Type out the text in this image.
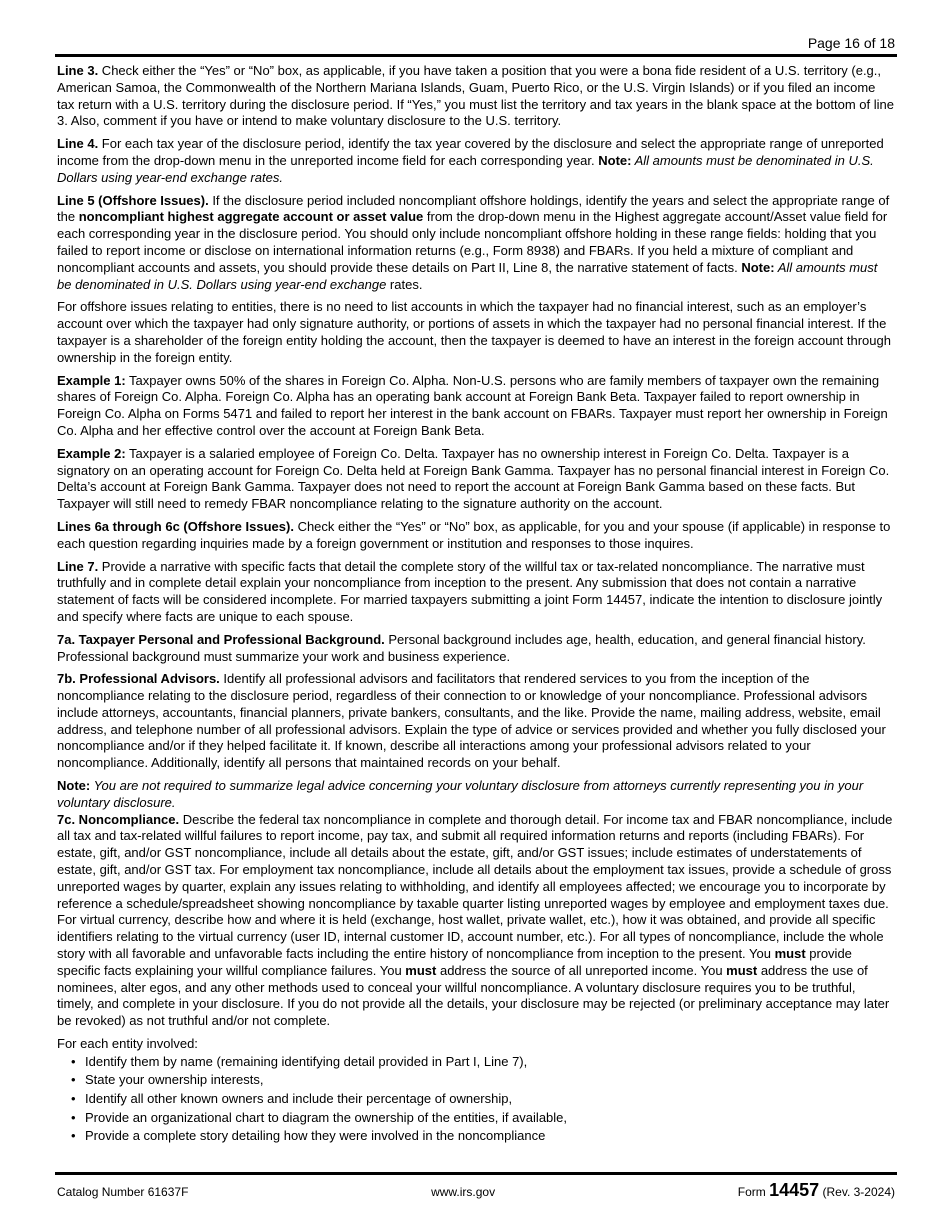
Page 16 of 18

Line 3. Check either the “Yes” or “No” box, as applicable, if you have taken a position that you were a bona fide resident of a U.S. territory (e.g., American Samoa, the Commonwealth of the Northern Mariana Islands, Guam, Puerto Rico, or the U.S. Virgin Islands) or if you filed an income tax return with a U.S. territory during the disclosure period. If “Yes,” you must list the territory and tax years in the blank space at the bottom of line 3. Also, comment if you have or intend to make voluntary disclosure to the U.S. territory.

Line 4. For each tax year of the disclosure period, identify the tax year covered by the disclosure and select the appropriate range of unreported income from the drop-down menu in the unreported income field for each corresponding year. Note: All amounts must be denominated in U.S. Dollars using year-end exchange rates.

Line 5 (Offshore Issues). If the disclosure period included noncompliant offshore holdings, identify the years and select the appropriate range of the noncompliant highest aggregate account or asset value from the drop-down menu in the Highest aggregate account/Asset value field for each corresponding year in the disclosure period. You should only include noncompliant offshore holding in these range fields: holding that you failed to report income or disclose on international information returns (e.g., Form 8938) and FBARs. If you held a mixture of compliant and noncompliant accounts and assets, you should provide these details on Part II, Line 8, the narrative statement of facts. Note: All amounts must be denominated in U.S. Dollars using year-end exchange rates.

For offshore issues relating to entities, there is no need to list accounts in which the taxpayer had no financial interest, such as an employer’s account over which the taxpayer had only signature authority, or portions of assets in which the taxpayer had no personal financial interest. If the taxpayer is a shareholder of the foreign entity holding the account, then the taxpayer is deemed to have an interest in the foreign account through ownership in the foreign entity.

Example 1: Taxpayer owns 50% of the shares in Foreign Co. Alpha. Non-U.S. persons who are family members of taxpayer own the remaining shares of Foreign Co. Alpha. Foreign Co. Alpha has an operating bank account at Foreign Bank Beta. Taxpayer failed to report ownership in Foreign Co. Alpha on Forms 5471 and failed to report her interest in the bank account on FBARs. Taxpayer must report her ownership in Foreign Co. Alpha and her effective control over the account at Foreign Bank Beta.

Example 2: Taxpayer is a salaried employee of Foreign Co. Delta. Taxpayer has no ownership interest in Foreign Co. Delta. Taxpayer is a signatory on an operating account for Foreign Co. Delta held at Foreign Bank Gamma. Taxpayer has no personal financial interest in Foreign Co. Delta’s account at Foreign Bank Gamma. Taxpayer does not need to report the account at Foreign Bank Gamma based on these facts. But Taxpayer will still need to remedy FBAR noncompliance relating to the signature authority on the account.

Lines 6a through 6c (Offshore Issues). Check either the “Yes” or “No” box, as applicable, for you and your spouse (if applicable) in response to each question regarding inquiries made by a foreign government or institution and responses to those inquires.

Line 7. Provide a narrative with specific facts that detail the complete story of the willful tax or tax-related noncompliance. The narrative must truthfully and in complete detail explain your noncompliance from inception to the present. Any submission that does not contain a narrative statement of facts will be considered incomplete. For married taxpayers submitting a joint Form 14457, indicate the intention to disclosure jointly and specify where facts are unique to each spouse.

7a. Taxpayer Personal and Professional Background. Personal background includes age, health, education, and general financial history. Professional background must summarize your work and business experience.

7b. Professional Advisors. Identify all professional advisors and facilitators that rendered services to you from the inception of the noncompliance relating to the disclosure period, regardless of their connection to or knowledge of your noncompliance. Professional advisors include attorneys, accountants, financial planners, private bankers, consultants, and the like. Provide the name, mailing address, website, email address, and telephone number of all professional advisors. Explain the type of advice or services provided and whether you fully disclosed your noncompliance and/or if they helped facilitate it. If known, describe all interactions among your professional advisors related to your noncompliance. Additionally, identify all persons that maintained records on your behalf.

Note: You are not required to summarize legal advice concerning your voluntary disclosure from attorneys currently representing you in your voluntary disclosure.

7c. Noncompliance. Describe the federal tax noncompliance in complete and thorough detail. For income tax and FBAR noncompliance, include all tax and tax-related willful failures to report income, pay tax, and submit all required information returns and reports (including FBARs). For estate, gift, and/or GST noncompliance, include all details about the estate, gift, and/or GST issues; include estimates of understatements of estate, gift, and/or GST tax. For employment tax noncompliance, include all details about the employment tax issues, provide a schedule of gross unreported wages by quarter, explain any issues relating to withholding, and identify all employees affected; we encourage you to incorporate by reference a schedule/spreadsheet showing noncompliance by taxable quarter listing unreported wages by employee and employment taxes due. For virtual currency, describe how and where it is held (exchange, host wallet, private wallet, etc.), how it was obtained, and provide all specific identifiers relating to the virtual currency (user ID, internal customer ID, account number, etc.). For all types of noncompliance, include the whole story with all favorable and unfavorable facts including the entire history of noncompliance from inception to the present. You must provide specific facts explaining your willful compliance failures. You must address the source of all unreported income. You must address the use of nominees, alter egos, and any other methods used to conceal your willful noncompliance. A voluntary disclosure requires you to be truthful, timely, and complete in your disclosure. If you do not provide all the details, your disclosure may be rejected (or preliminary acceptance may later be revoked) as not truthful and/or not complete.

For each entity involved:

• Identify them by name (remaining identifying detail provided in Part I, Line 7),
• State your ownership interests,
• Identify all other known owners and include their percentage of ownership,
• Provide an organizational chart to diagram the ownership of the entities, if available,
• Provide a complete story detailing how they were involved in the noncompliance
Catalog Number 61637F	www.irs.gov	Form 14457 (Rev. 3-2024)
